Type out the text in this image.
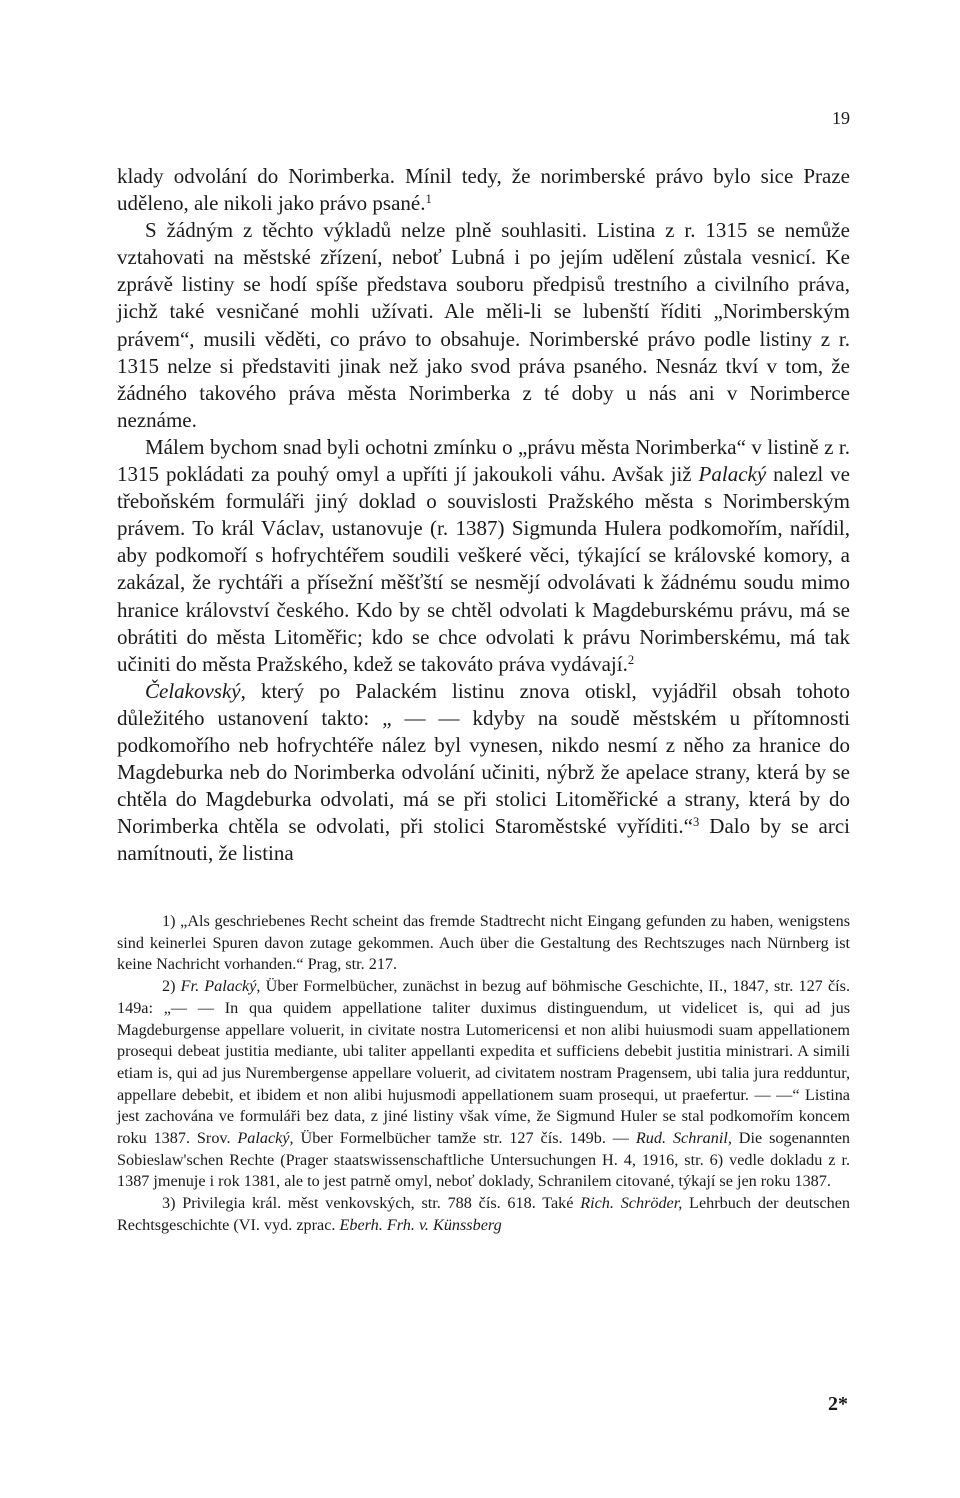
19

klady odvolání do Norimberka. Mínil tedy, že norimberské právo bylo sice Praze uděleno, ale nikoli jako právo psané.$^1$

S žádným z těchto výkladů nelze plně souhlasiti. Listina z r. 1315 se nemůže vztahovati na městské zřízení, neboť Lubná i po jejím udělení zůstala vesnicí. Ke zprávě listiny se hodí spíše představa souboru předpisů trestního a civilního práva, jichž také vesničané mohli užívati. Ale měli-li se lubenští říditi „Norimberským právem“, musili věděti, co právo to obsahuje. Norimberské právo podle listiny z r. 1315 nelze si představiti jinak než jako svod práva psaného. Nesnáz tkví v tom, že žádného takového práva města Norimberka z té doby u nás ani v Norimberce neznáme.

Málem bychom snad byli ochotni zmínku o „právu města Norimberka“ v listině z r. 1315 pokládati za pouhý omyl a upříti jí jakoukoli váhu. Avšak již Palacký nalezl ve třeboňském formuláři jiný doklad o souvislosti Pražského města s Norimberským právem. To král Václav, ustanovuje (r. 1387) Sigmunda Hulera podkomořím, nařídil, aby podkomoří s hofrychtéřem soudili veškeré věci, týkající se královské komory, a zakázal, že rychtáři a přísežní měšťští se nesmějí odvolávati k žádnému soudu mimo hranice království českého. Kdo by se chtěl odvolati k Magdeburskému právu, má se obrátiti do města Litoměřic; kdo se chce odvolati k právu Norimberskému, má tak učiniti do města Pražského, kdež se takováto práva vydávají.$^2$

Čelakovský, který po Palackém listinu znova otiskl, vyjádřil obsah tohoto důležitého ustanovení takto: „ — — kdyby na soudě městském u přítomnosti podkomořího neb hofrychtéře nález byl vynesen, nikdo nesmí z něho za hranice do Magdeburka neb do Norimberka odvolání učiniti, nýbrž že apelace strany, která by se chtěla do Magdeburka odvolati, má se při stolici Litoměřické a strany, která by do Norimberka chtěla se odvolati, při stolici Staroměstské vyříditi.“$^3$ Dalo by se arci namítnouti, že listina

1) „Als geschriebenes Recht scheint das fremde Stadtrecht nicht Eingang gefunden zu haben, wenigstens sind keinerlei Spuren davon zutage gekommen. Auch über die Gestaltung des Rechtszuges nach Nürnberg ist keine Nachricht vorhanden.“ Prag, str. 217.

2) Fr. Palacký, Über Formelbücher, zunächst in bezug auf böhmische Geschichte, II., 1847, str. 127 čís. 149a: „— — In qua quidem appellatione taliter duximus distinguendum, ut videlicet is, qui ad jus Magdeburgense appellare voluerit, in civitate nostra Lutomericensi et non alibi huiusmodi suam appellationem prosequi debeat justitia mediante, ubi taliter appellanti expedita et sufficiens debebit justitia ministrari. A simili etiam is, qui ad jus Nurembergense appellare voluerit, ad civitatem nostram Pragensem, ubi talia jura redduntur, appellare debebit, et ibidem et non alibi hujusmodi appellationem suam prosequi, ut praefertur. — —“ Listina jest zachována ve formuláři bez data, z jiné listiny však víme, že Sigmund Huler se stal podkomořím koncem roku 1387. Srov. Palacký, Über Formelbücher tamže str. 127 čís. 149b. — Rud. Schranil, Die sogenannten Sobieslaw'schen Rechte (Prager staatswissenschaftliche Untersuchungen H. 4, 1916, str. 6) vedle dokladu z r. 1387 jmenuje i rok 1381, ale to jest patrně omyl, neboť doklady, Schranilem citované, týkají se jen roku 1387.

3) Privilegia král. měst venkovských, str. 788 čís. 618. Také Rich. Schröder, Lehrbuch der deutschen Rechtsgeschichte (VI. vyd. zprac. Eberh. Frh. v. Künssberg

2*
